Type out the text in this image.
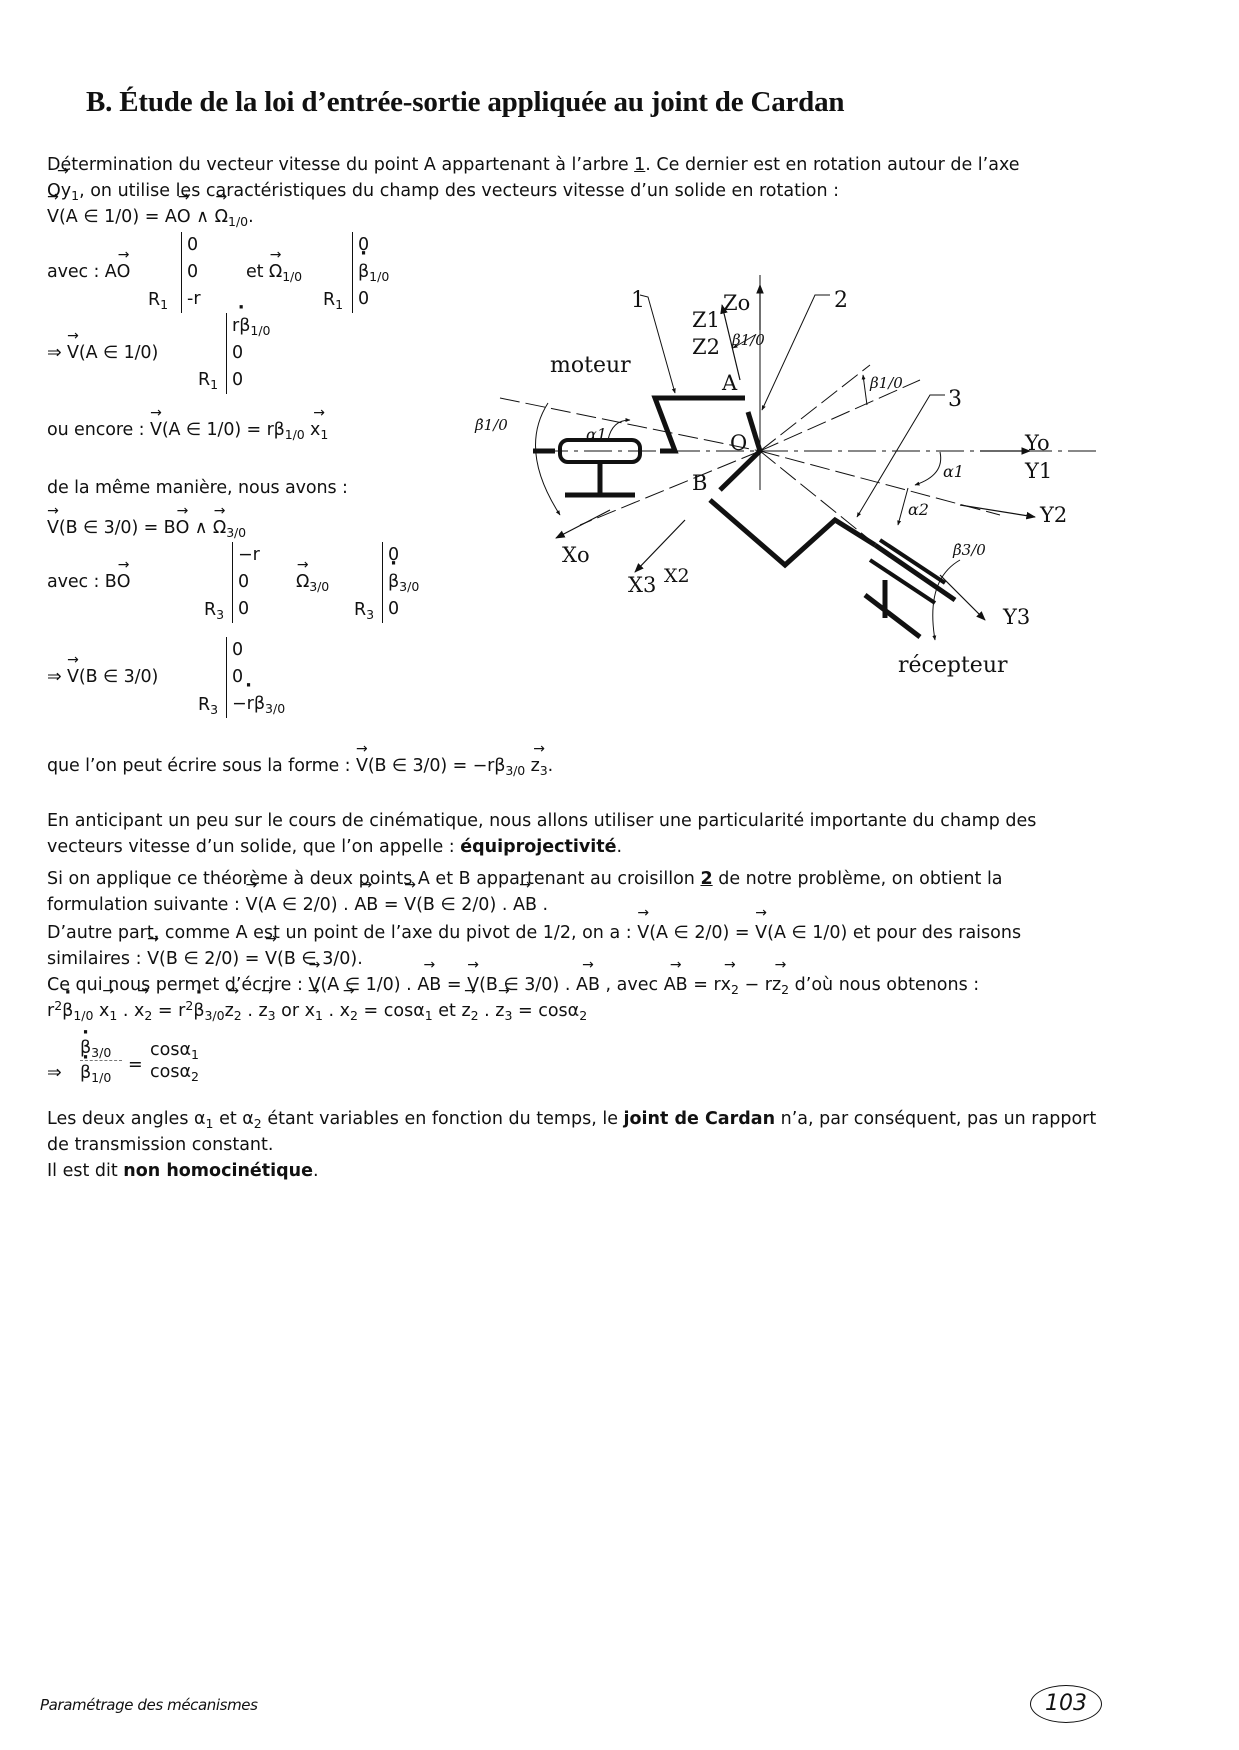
B. Étude de la loi d’entrée-sortie appliquée au joint de Cardan
Détermination du vecteur vitesse du point A appartenant à l’arbre 1. Ce dernier est en rotation autour de l’axe
→ $Oy_1$, on utilise les caractéristiques du champ des vecteurs vitesse d’un solide en rotation :
→ V(A ∈ 1/0) = A→ O ∧ → $\Omega_{1/0}$.
avec : A→ O
$R_1$
0
0
-r
et → $\Omega_{1/0}$
$R_1$
0
· $\beta_{1/0}$
0
⇒ → V(A ∈ 1/0)
$R_1$
· $r\beta_{1/0}$
0
0
ou encore : → V(A ∈ $1/0) = r\beta_{1/0} \to x_1$
de la même manière, nous avons :
→ V(B ∈ 3/0) = B→ O ∧ → $\Omega_{3/0}$
avec : B→ O
$R_3$
−r
0
0
→ $\Omega_{3/0}$
$R_3$
0
· $\beta_{3/0}$
0
⇒ → V(B ∈ 3/0)
$R_3$
0
0
· $-r\beta_{3/0}$
que l’on peut écrire sous la forme : → V(B ∈ $3/0) = -r\beta_{3/0} \to z_3$.
En anticipant un peu sur le cours de cinématique, nous allons utiliser une particularité importante du champ des vecteurs vitesse d’un solide, que l’on appelle : équiprojectivité.
Si on applique ce théorème à deux points A et B appartenant au croisillon 2 de notre problème, on obtient la formulation suivante : → V(A ∈ 2/0) . → AB = → V(B ∈ 2/0) . → AB .
D’autre part, comme A est un point de l’axe du pivot de 1/2, on a : → V(A ∈ 2/0) = → V(A ∈ 1/0) et pour des raisons similaires : → V(B ∈ 2/0) = → V(B ∈ 3/0).
Ce qui nous permet d’écrire : → V(A ∈ 1/0) . → AB = → V(B ∈ 3/0) . → AB , avec → AB = $r\to x_2 - r\to z_2$ d’où nous obtenons :
$r^2\cdot \beta_{1/0} \to x_1$ . → $x_2 = r^2\cdot \beta_{3/0}\to z_2$ . → $z_3$ or → $x_1$ . → $x_2 = \cos\alpha_1$ et → $z_2$ . → $z_3 = \cos\alpha_2$
⇒
· $\beta_{3/0}$
· $\beta_{1/0}$
=
cosα$_1$
cosα$_2$
Les deux angles $\alpha_1$ et $\alpha_2$ étant variables en fonction du temps, le joint de Cardan n’a, par conséquent, pas un rapport de transmission constant.
Il est dit non homocinétique.
1	2
3
moteur
récepteur
Zo
Z1
Z2
A
O
B
Xo
X3 X2
Yo
Y1
Y2
Y3
α1
α1
α2
β1/0
β1/0
β̇1/0
β̇3/0
Paramétrage des mécanismes	103
